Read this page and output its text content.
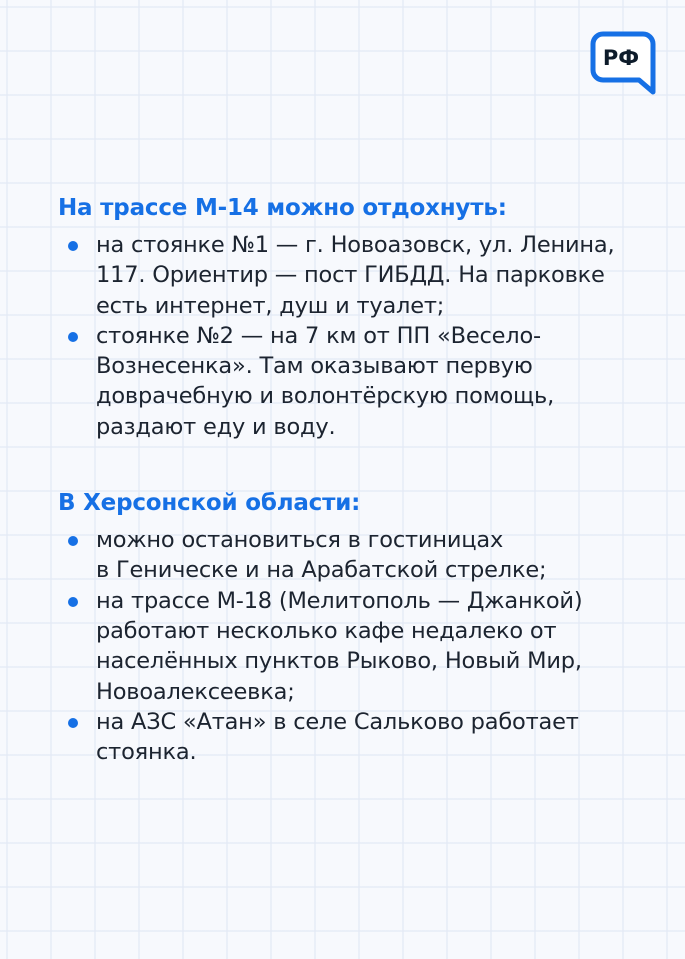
РФ
На трассе М-14 можно отдохнуть:
на стоянке №1 — г. Новоазовск, ул. Ленина,
117. Ориентир — пост ГИБДД. На парковке
есть интернет, душ и туалет;
стоянке №2 — на 7 км от ПП «Весело-
Вознесенка». Там оказывают первую
доврачебную и волонтёрскую помощь,
раздают еду и воду.
В Херсонской области:
можно остановиться в гостиницах
в Геническе и на Арабатской стрелке;
на трассе М-18 (Мелитополь — Джанкой)
работают несколько кафе недалеко от
населённых пунктов Рыково, Новый Мир,
Новоалексеевка;
на АЗС «Атан» в селе Сальково работает
стоянка.
